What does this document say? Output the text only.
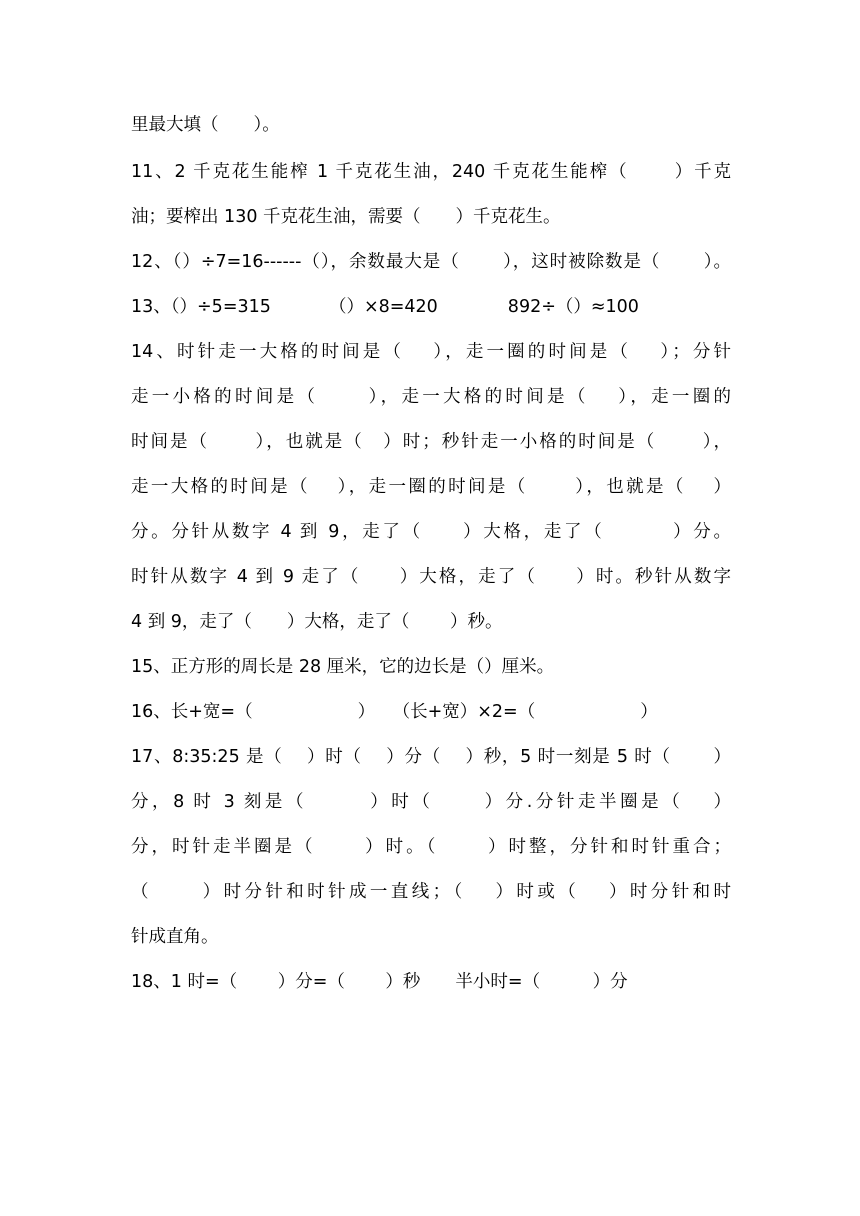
里最大填（　　）。
11、2 千克花生能榨 1 千克花生油，240 千克花生能榨（　　 ）千克
油；要榨出 130 千克花生油，需要（　　）千克花生。
12、（）÷7=16------（），余数最大是（　　 ），这时被除数是（　　 ）。
13、（）÷5=315　　　 （）×8=420　　　　892÷（）≈100
14、时针走一大格的时间是（　 ），走一圈的时间是（　 ）；分针
走一小格的时间是（　　 ），走一大格的时间是（　 ），走一圈的
时间是（　　 ），也就是（　）时；秒针走一小格的时间是（　　 ），
走一大格的时间是（　 ），走一圈的时间是（　　 ），也就是（　 ）
分。分针从数字 4 到 9，走了（　　）大格，走了（　　　 ）分。
时针从数字 4 到 9 走了（　　）大格，走了（　　）时。秒针从数字
4 到 9，走了（　　）大格，走了（　　 ）秒。
15、正方形的周长是 28 厘米，它的边长是（）厘米。
16、长+宽=（　　　　　　）　　（长+宽）×2=（　　　　　　）
17、8:35:25 是（　 ）时（　 ）分（　 ）秒，5 时一刻是 5 时（　　 ）
分，8 时 3 刻是（　　　）时（　　 ）分.分针走半圈是（　 ）
分，时针走半圈是（　　 ）时。（　　 ）时整，分针和时针重合；
（　　 ）时分针和时针成一直线；（　 ）时或（　 ）时分针和时
针成直角。
18、1 时=（　　 ）分=（　　 ）秒　　半小时=（　　　）分
